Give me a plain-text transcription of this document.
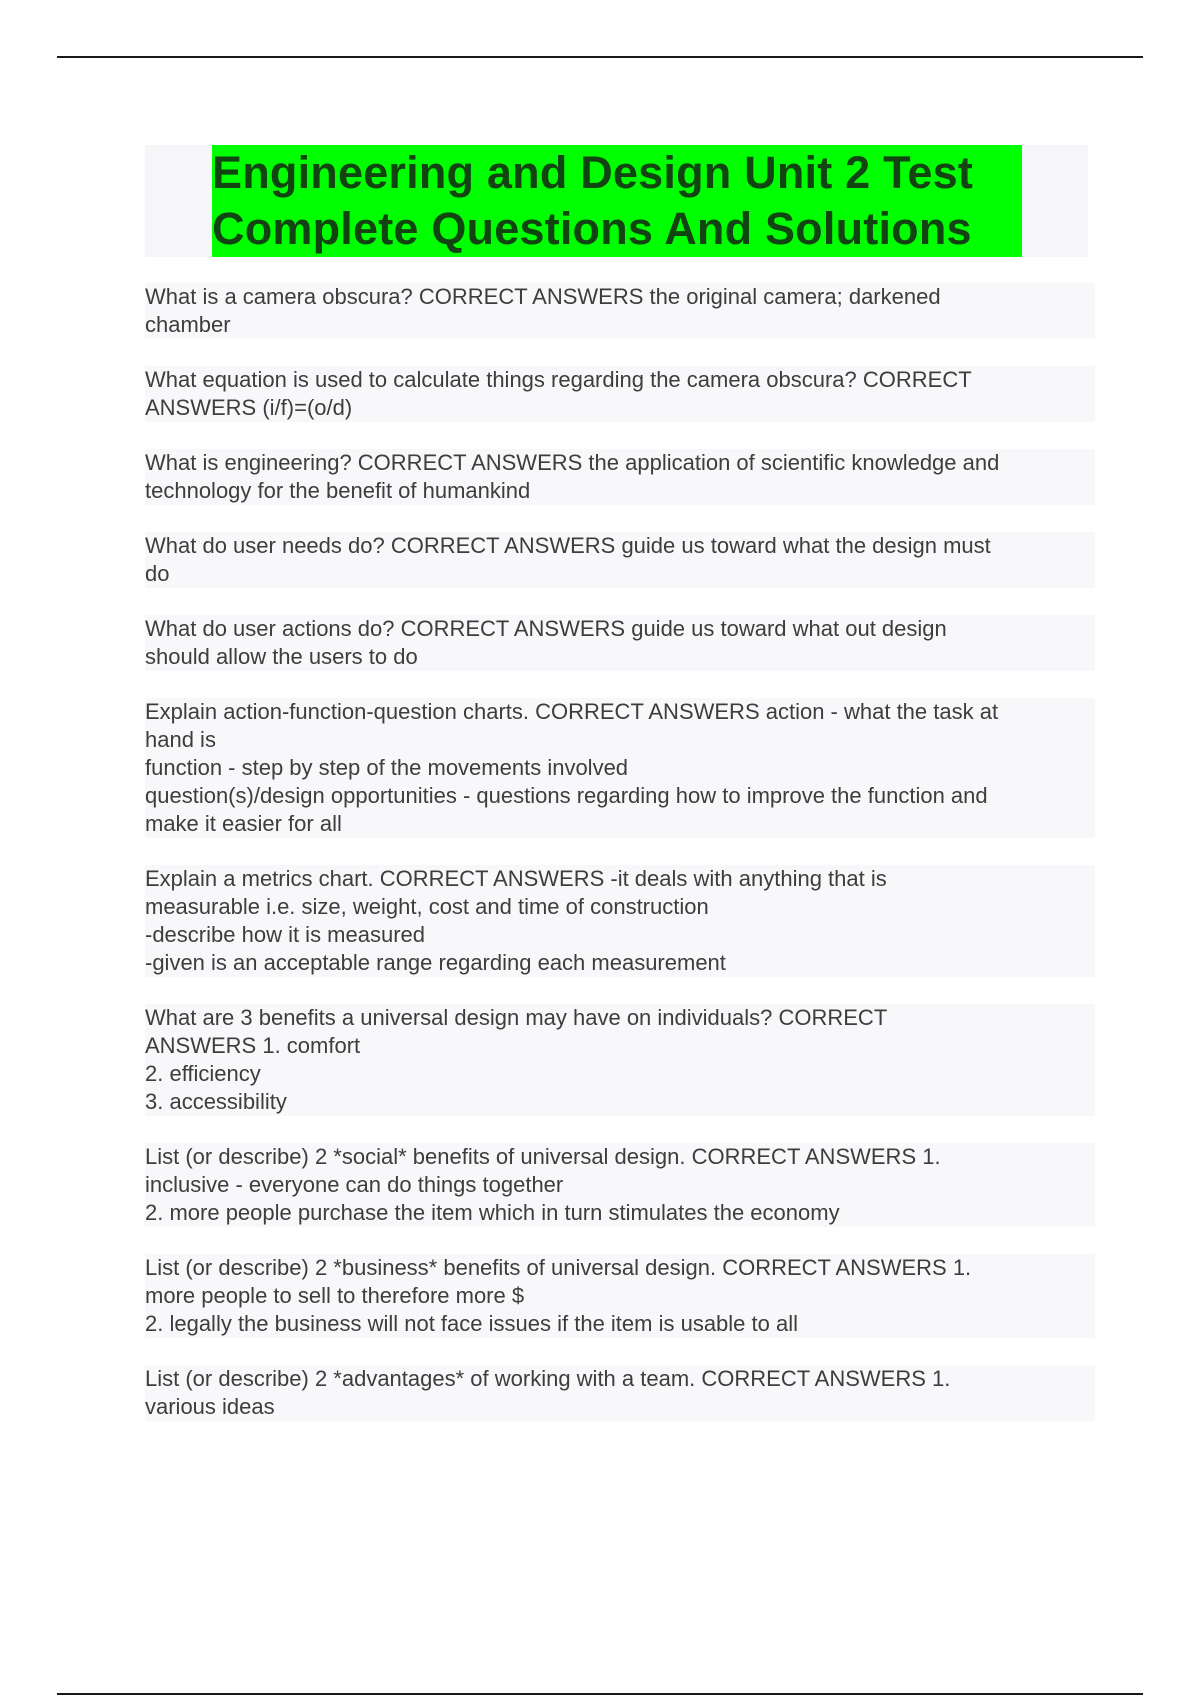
Engineering and Design Unit 2 Test
Complete Questions And Solutions
What is a camera obscura? CORRECT ANSWERS the original camera; darkened
chamber
What equation is used to calculate things regarding the camera obscura? CORRECT
ANSWERS (i/f)=(o/d)
What is engineering? CORRECT ANSWERS the application of scientific knowledge and
technology for the benefit of humankind
What do user needs do? CORRECT ANSWERS guide us toward what the design must
do
What do user actions do? CORRECT ANSWERS guide us toward what out design
should allow the users to do
Explain action-function-question charts. CORRECT ANSWERS action - what the task at
hand is
function - step by step of the movements involved
question(s)/design opportunities - questions regarding how to improve the function and
make it easier for all
Explain a metrics chart. CORRECT ANSWERS -it deals with anything that is
measurable i.e. size, weight, cost and time of construction
-describe how it is measured
-given is an acceptable range regarding each measurement
What are 3 benefits a universal design may have on individuals? CORRECT
ANSWERS 1. comfort
2. efficiency
3. accessibility
List (or describe) 2 *social* benefits of universal design. CORRECT ANSWERS 1.
inclusive - everyone can do things together
2. more people purchase the item which in turn stimulates the economy
List (or describe) 2 *business* benefits of universal design. CORRECT ANSWERS 1.
more people to sell to therefore more $
2. legally the business will not face issues if the item is usable to all
List (or describe) 2 *advantages* of working with a team. CORRECT ANSWERS 1.
various ideas
